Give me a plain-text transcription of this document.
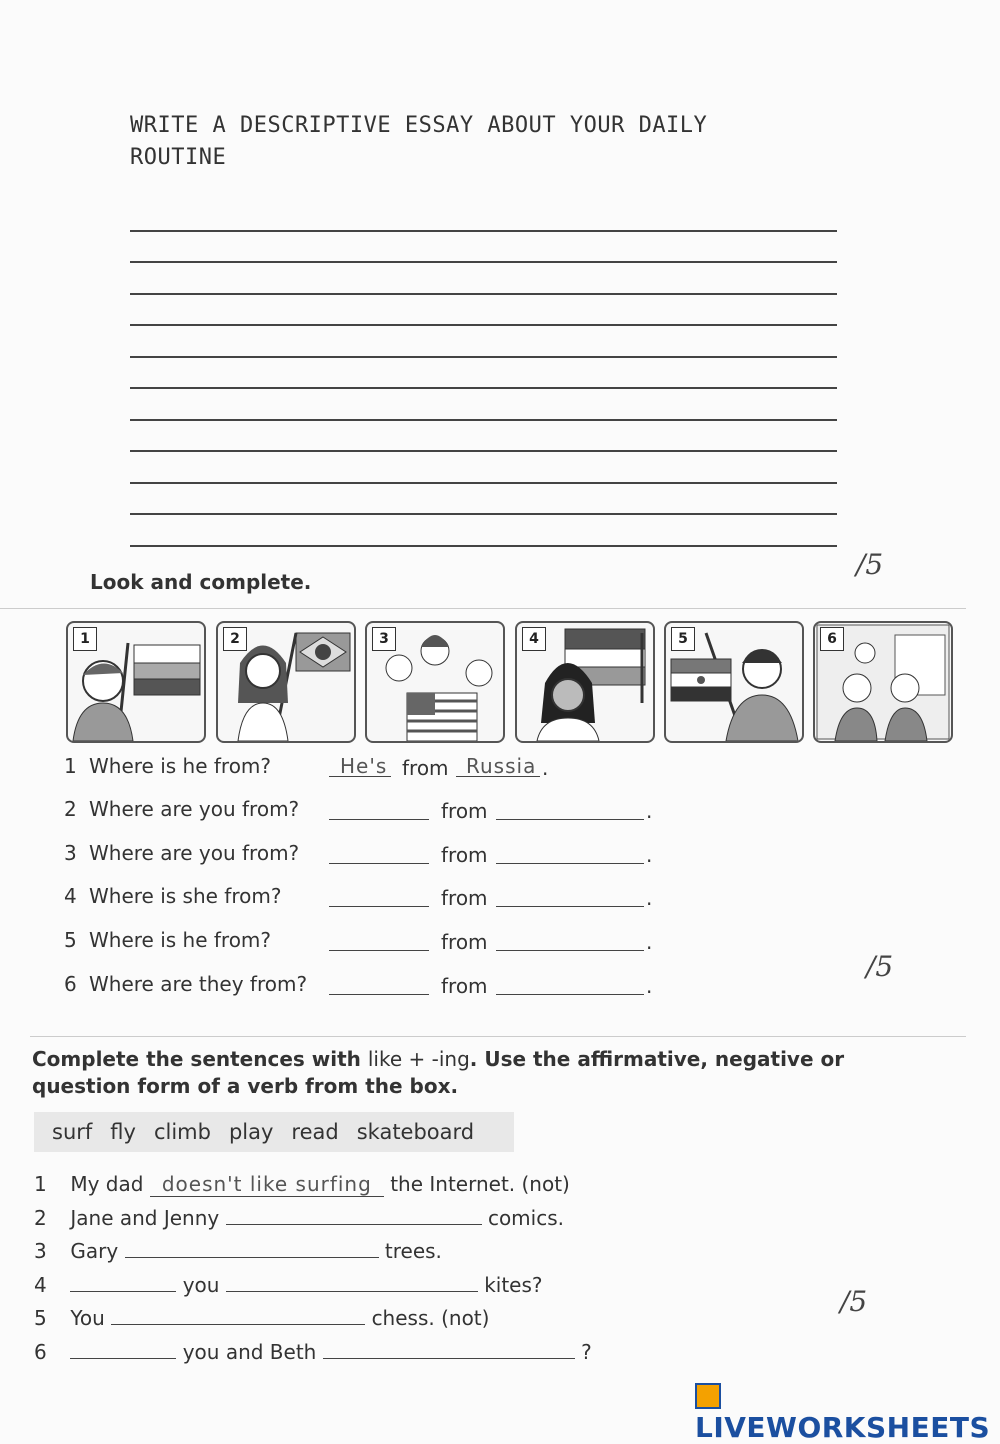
WRITE A DESCRIPTIVE ESSAY ABOUT YOUR DAILY ROUTINE
/5
Look and complete.
1	2	3	4	5	6
1 Where is he from?	He's from Russia .
2 Where are you from?	from	.
3 Where are you from?	from	.
4 Where is she from?	from	.
5 Where is he from?	from	.
6 Where are they from?	from	.
/5
Complete the sentences with like + -ing. Use the affirmative, negative or question form of a verb from the box.
surf fly climb play read skateboard
1 My dad doesn't like surfing the Internet. (not)
2 Jane and Jenny	comics.
3 Gary	trees.
4	you	kites?
5 You	chess. (not)
6	you and Beth	?
/5
LIVEWORKSHEETS
